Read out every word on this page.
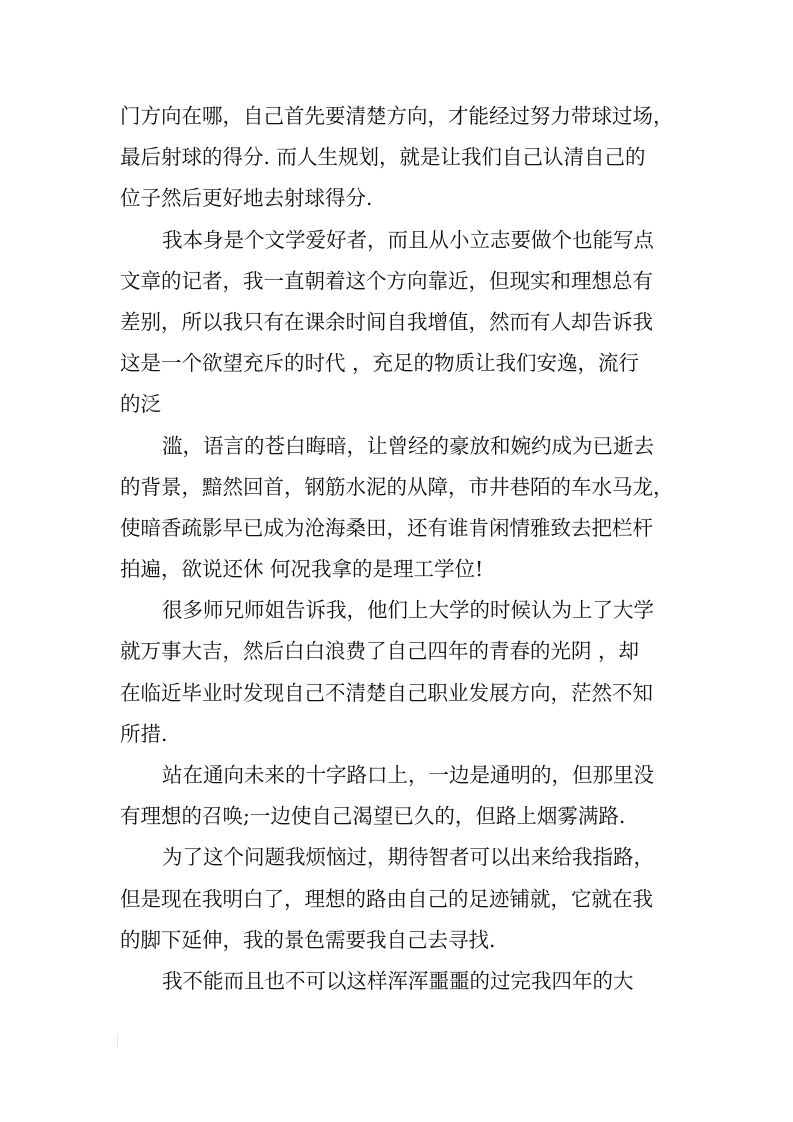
门方向在哪，自己首先要清楚方向，才能经过努力带球过场，
最后射球的得分. 而人生规划，就是让我们自己认清自己的
位子然后更好地去射球得分.
我本身是个文学爱好者，而且从小立志要做个也能写点
文章的记者，我一直朝着这个方向靠近，但现实和理想总有
差别，所以我只有在课余时间自我增值，然而有人却告诉我
这是一个欲望充斥的时代 ，充足的物质让我们安逸，流行
的泛
滥，语言的苍白晦暗，让曾经的豪放和婉约成为已逝去
的背景，黯然回首，钢筋水泥的从障，市井巷陌的车水马龙，
使暗香疏影早已成为沧海桑田，还有谁肯闲情雅致去把栏杆
拍遍，欲说还休 何况我拿的是理工学位!
很多师兄师姐告诉我，他们上大学的时候认为上了大学
就万事大吉，然后白白浪费了自己四年的青春的光阴 ，却
在临近毕业时发现自己不清楚自己职业发展方向，茫然不知
所措.
站在通向未来的十字路口上，一边是通明的，但那里没
有理想的召唤;一边使自己渴望已久的，但路上烟雾满路.
为了这个问题我烦恼过，期待智者可以出来给我指路，
但是现在我明白了，理想的路由自己的足迹铺就，它就在我
的脚下延伸，我的景色需要我自己去寻找.
我不能而且也不可以这样浑浑噩噩的过完我四年的大
